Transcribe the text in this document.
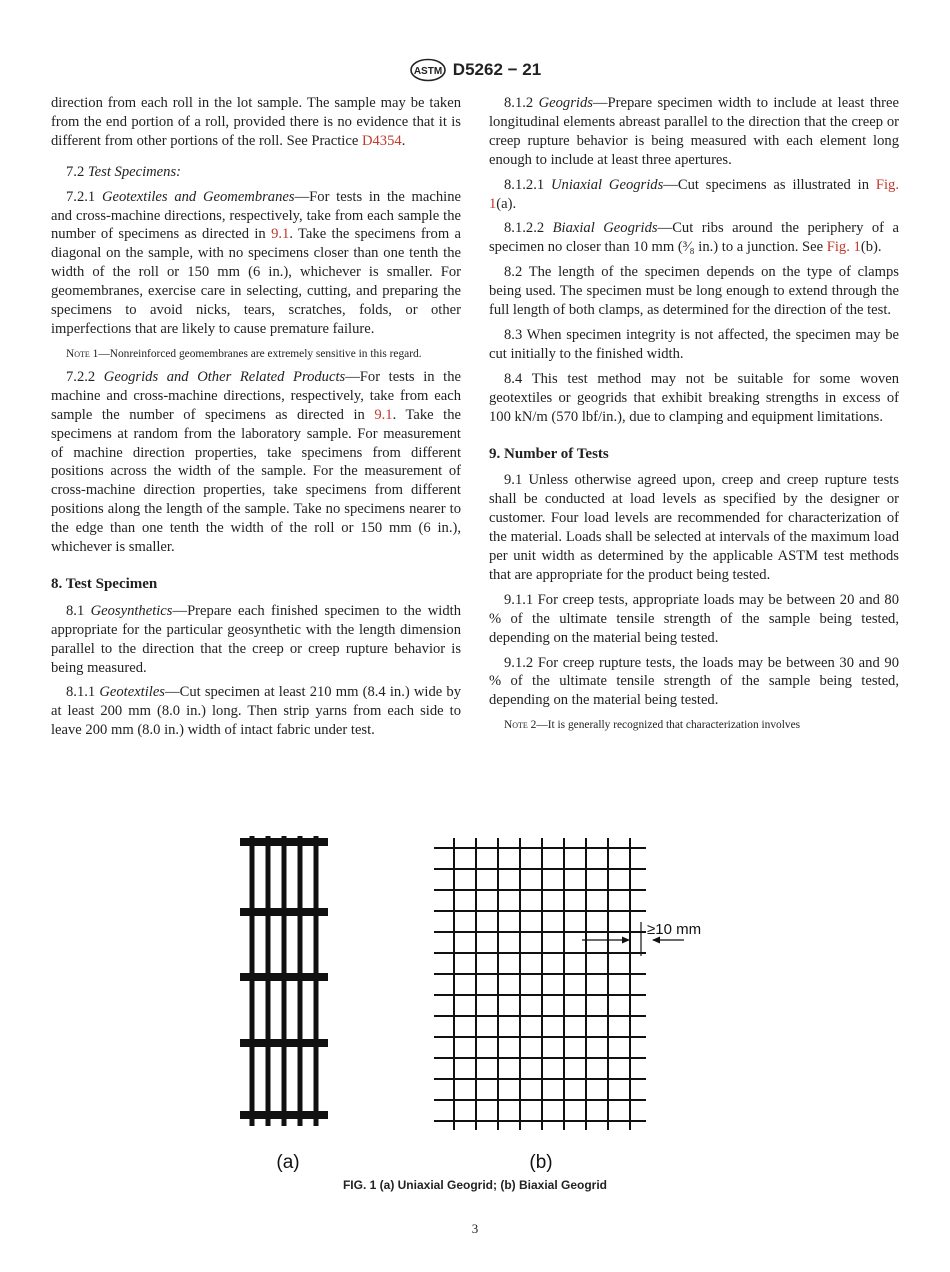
ASTM D5262 − 21

direction from each roll in the lot sample. The sample may be taken from the end portion of a roll, provided there is no evidence that it is different from other portions of the roll. See Practice D4354.

7.2 Test Specimens:

7.2.1 Geotextiles and Geomembranes—For tests in the machine and cross-machine directions, respectively, take from each sample the number of specimens as directed in 9.1. Take the specimens from a diagonal on the sample, with no specimens closer than one tenth the width of the roll or 150 mm (6 in.), whichever is smaller. For geomembranes, exercise care in selecting, cutting, and preparing the specimens to avoid nicks, tears, scratches, folds, or other imperfections that are likely to cause premature failure.

Note 1—Nonreinforced geomembranes are extremely sensitive in this regard.

7.2.2 Geogrids and Other Related Products—For tests in the machine and cross-machine directions, respectively, take from each sample the number of specimens as directed in 9.1. Take the specimens at random from the laboratory sample. For measurement of machine direction properties, take specimens from different positions across the width of the sample. For the measurement of cross-machine direction properties, take specimens from different positions along the length of the sample. Take no specimens nearer to the edge than one tenth the width of the roll or 150 mm (6 in.), whichever is smaller.

8. Test Specimen

8.1 Geosynthetics—Prepare each finished specimen to the width appropriate for the particular geosynthetic with the length dimension parallel to the direction that the creep or creep rupture behavior is being measured.

8.1.1 Geotextiles—Cut specimen at least 210 mm (8.4 in.) wide by at least 200 mm (8.0 in.) long. Then strip yarns from each side to leave 200 mm (8.0 in.) width of intact fabric under test.

8.1.2 Geogrids—Prepare specimen width to include at least three longitudinal elements abreast parallel to the direction that the creep or creep rupture behavior is being measured with each element long enough to include at least three apertures.

8.1.2.1 Uniaxial Geogrids—Cut specimens as illustrated in Fig. 1(a).

8.1.2.2 Biaxial Geogrids—Cut ribs around the periphery of a specimen no closer than 10 mm (³⁄₈ in.) to a junction. See Fig. 1(b).

8.2 The length of the specimen depends on the type of clamps being used. The specimen must be long enough to extend through the full length of both clamps, as determined for the direction of the test.

8.3 When specimen integrity is not affected, the specimen may be cut initially to the finished width.

8.4 This test method may not be suitable for some woven geotextiles or geogrids that exhibit breaking strengths in excess of 100 kN/m (570 lbf/in.), due to clamping and equipment limitations.

9. Number of Tests

9.1 Unless otherwise agreed upon, creep and creep rupture tests shall be conducted at load levels as specified by the designer or customer. Four load levels are recommended for characterization of the material. Loads shall be selected at intervals of the maximum load per unit width as determined by the applicable ASTM test methods that are appropriate for the product being tested.

9.1.1 For creep tests, appropriate loads may be between 20 and 80 % of the ultimate tensile strength of the sample being tested, depending on the material being tested.

9.1.2 For creep rupture tests, the loads may be between 30 and 90 % of the ultimate tensile strength of the sample being tested, depending on the material being tested.

Note 2—It is generally recognized that characterization involves
≥10 mm
(a)	(b)
FIG. 1 (a) Uniaxial Geogrid; (b) Biaxial Geogrid
3
